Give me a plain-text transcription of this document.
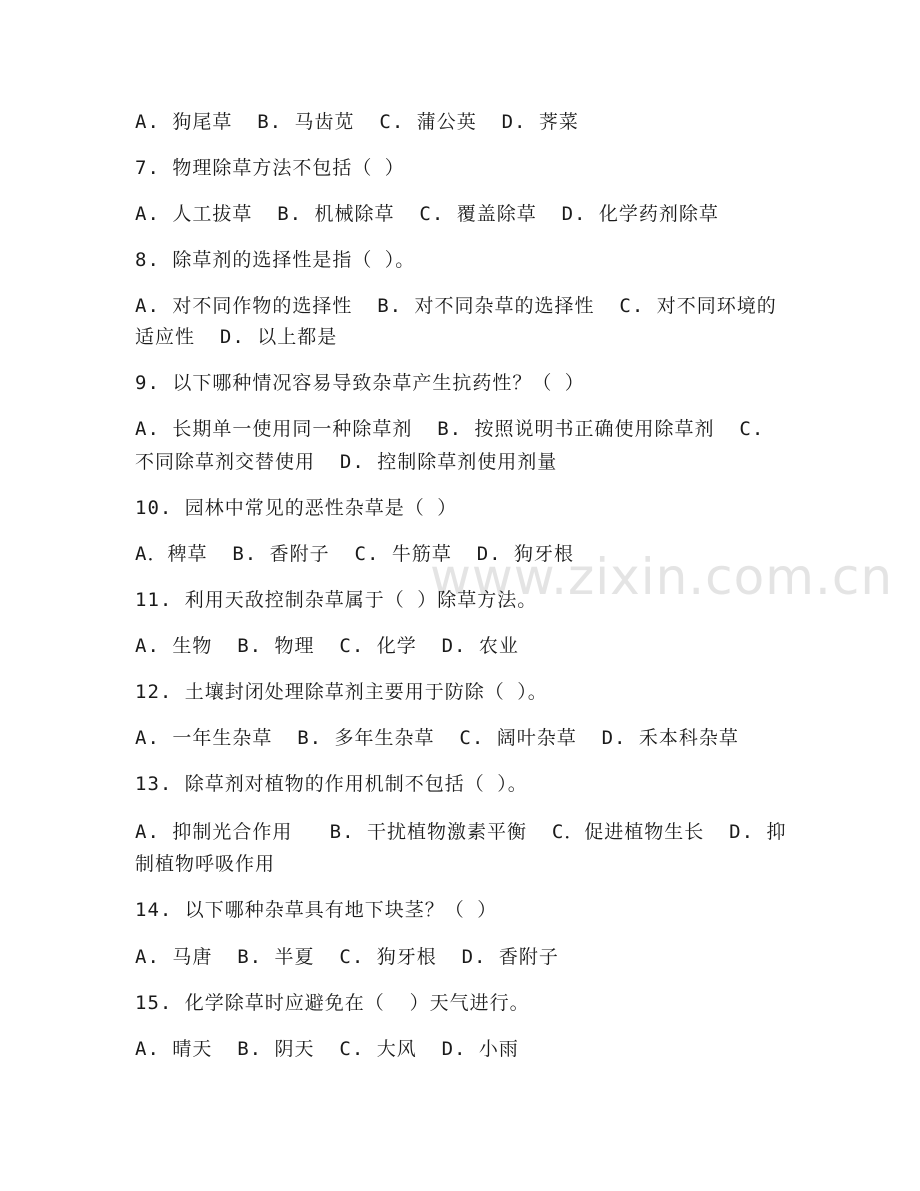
www.zixin.com.cn
A. 狗尾草  B. 马齿苋  C. 蒲公英  D. 荠菜
7. 物理除草方法不包括（ ）
A. 人工拔草  B. 机械除草  C. 覆盖除草  D. 化学药剂除草
8. 除草剂的选择性是指（ ）。
A. 对不同作物的选择性  B. 对不同杂草的选择性  C. 对不同环境的
适应性  D. 以上都是
9. 以下哪种情况容易导致杂草产生抗药性？（ ）
A. 长期单一使用同一种除草剂  B. 按照说明书正确使用除草剂  C.
不同除草剂交替使用  D. 控制除草剂使用剂量
10. 园林中常见的恶性杂草是（ ）
A．稗草  B. 香附子  C. 牛筋草  D. 狗牙根
11. 利用天敌控制杂草属于（ ）除草方法。
A. 生物  B. 物理  C. 化学  D. 农业
12. 土壤封闭处理除草剂主要用于防除（ ）。
A. 一年生杂草  B. 多年生杂草  C. 阔叶杂草  D. 禾本科杂草
13. 除草剂对植物的作用机制不包括（ ）。
A. 抑制光合作用   B. 干扰植物激素平衡  C．促进植物生长  D. 抑
制植物呼吸作用
14. 以下哪种杂草具有地下块茎？（ ）
A. 马唐  B. 半夏  C. 狗牙根  D. 香附子
15. 化学除草时应避免在（  ）天气进行。
A. 晴天  B. 阴天  C. 大风  D. 小雨
